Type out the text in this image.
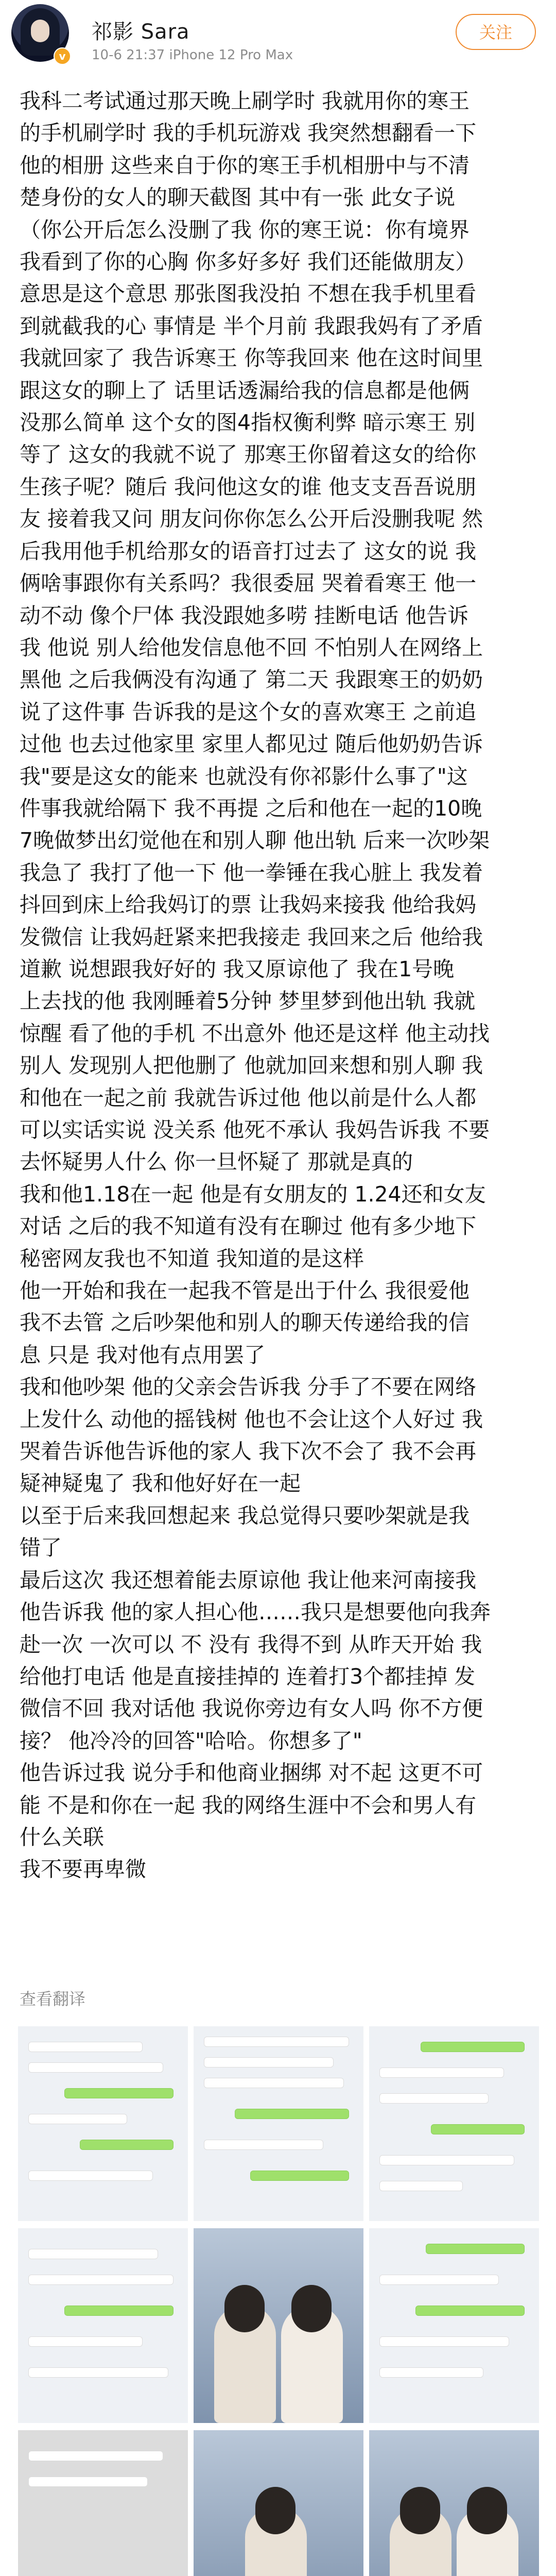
v
祁影 Sara
10-6 21:37 iPhone 12 Pro Max
关注
我科二考试通过那天晚上刷学时 我就用你的寒王
的手机刷学时 我的手机玩游戏 我突然想翻看一下
他的相册 这些来自于你的寒王手机相册中与不清
楚身份的女人的聊天截图 其中有一张 此女子说
（你公开后怎么没删了我 你的寒王说：你有境界
我看到了你的心胸 你多好多好 我们还能做朋友）
意思是这个意思 那张图我没拍 不想在我手机里看
到就截我的心 事情是 半个月前 我跟我妈有了矛盾
我就回家了 我告诉寒王 你等我回来 他在这时间里
跟这女的聊上了 话里话透漏给我的信息都是他俩
没那么简单 这个女的图4指权衡利弊 暗示寒王 别
等了 这女的我就不说了 那寒王你留着这女的给你
生孩子呢？随后 我问他这女的谁 他支支吾吾说朋
友 接着我又问 朋友问你你怎么公开后没删我呢 然
后我用他手机给那女的语音打过去了 这女的说 我
俩啥事跟你有关系吗？我很委屈 哭着看寒王 他一
动不动 像个尸体 我没跟她多唠 挂断电话 他告诉
我 他说 别人给他发信息他不回 不怕别人在网络上
黑他 之后我俩没有沟通了 第二天 我跟寒王的奶奶
说了这件事 告诉我的是这个女的喜欢寒王 之前追
过他 也去过他家里 家里人都见过 随后他奶奶告诉
我"要是这女的能来 也就没有你祁影什么事了"这
件事我就给隔下 我不再提 之后和他在一起的10晚
7晚做梦出幻觉他在和别人聊 他出轨 后来一次吵架
我急了 我打了他一下 他一拳锤在我心脏上 我发着
抖回到床上给我妈订的票 让我妈来接我 他给我妈
发微信 让我妈赶紧来把我接走 我回来之后 他给我
道歉 说想跟我好好的 我又原谅他了 我在1号晚
上去找的他 我刚睡着5分钟 梦里梦到他出轨 我就
惊醒 看了他的手机 不出意外 他还是这样 他主动找
别人 发现别人把他删了 他就加回来想和别人聊 我
和他在一起之前 我就告诉过他 他以前是什么人都
可以实话实说 没关系 他死不承认 我妈告诉我 不要
去怀疑男人什么 你一旦怀疑了 那就是真的
我和他1.18在一起 他是有女朋友的 1.24还和女友
对话 之后的我不知道有没有在聊过 他有多少地下
秘密网友我也不知道 我知道的是这样
他一开始和我在一起我不管是出于什么 我很爱他
我不去管 之后吵架他和别人的聊天传递给我的信
息 只是 我对他有点用罢了
我和他吵架 他的父亲会告诉我 分手了不要在网络
上发什么 动他的摇钱树 他也不会让这个人好过 我
哭着告诉他告诉他的家人 我下次不会了 我不会再
疑神疑鬼了 我和他好好在一起
以至于后来我回想起来 我总觉得只要吵架就是我
错了
最后这次 我还想着能去原谅他 我让他来河南接我
他告诉我 他的家人担心他……我只是想要他向我奔
赴一次 一次可以 不 没有 我得不到 从昨天开始 我
给他打电话 他是直接挂掉的 连着打3个都挂掉 发
微信不回 我对话他 我说你旁边有女人吗 你不方便
接？ 他冷冷的回答"哈哈。你想多了"
他告诉过我 说分手和他商业捆绑 对不起 这更不可
能 不是和你在一起 我的网络生涯中不会和男人有
什么关联
我不要再卑微
查看翻译
